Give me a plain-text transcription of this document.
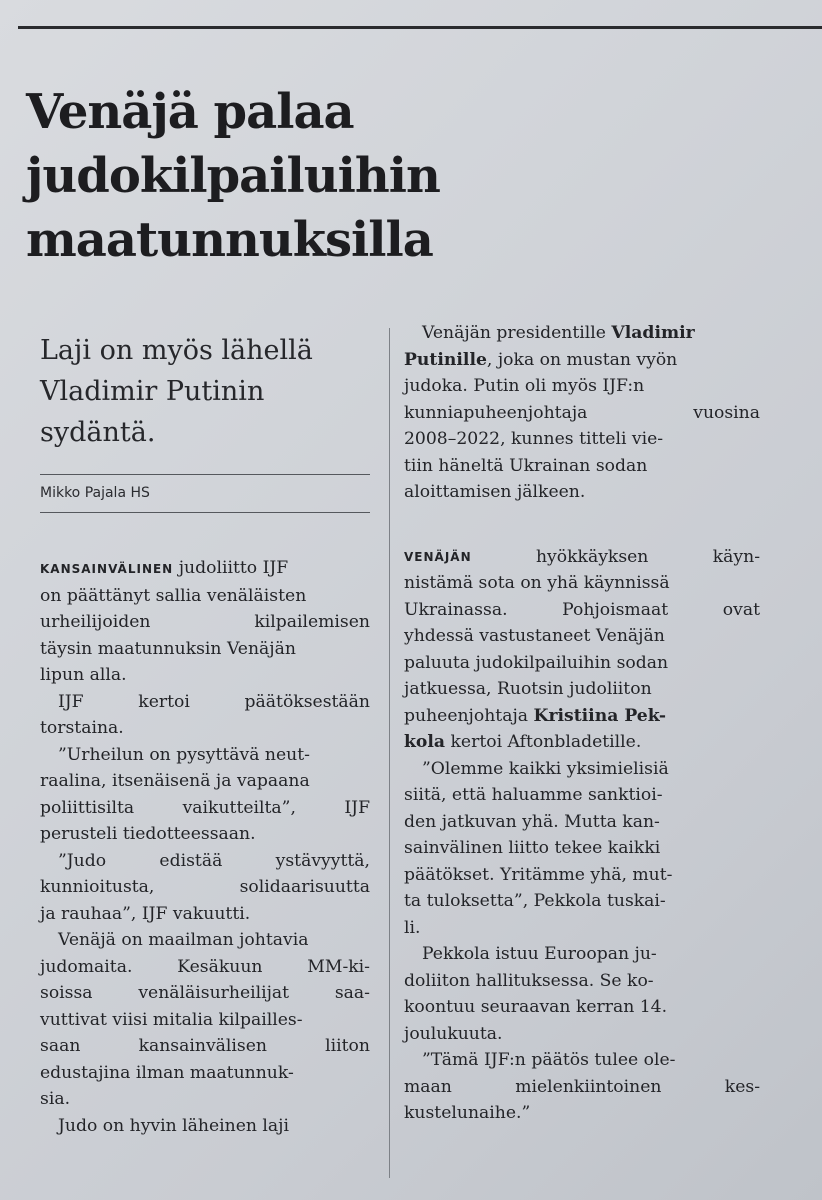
Venäjä palaa
judokilpailuihin
maatunnuksilla
Laji on myös lähellä
Vladimir Putinin
sydäntä.
Mikko Pajala HS

KANSAINVÄLINEN judoliitto IJF
on päättänyt sallia venäläisten
urheilijoiden	kilpailemisen
täysin maatunnuksin Venäjän
lipun alla.

IJF	kertoi	päätöksestään
torstaina.

”Urheilun on pysyttävä neut-
raalina, itsenäisenä ja vapaana
poliittisilta	vaikutteilta”,	IJF
perusteli tiedotteessaan.

”Judo	edistää	ystävyyttä,
kunnioitusta,	solidaarisuutta
ja rauhaa”, IJF vakuutti.

Venäjä on maailman johtavia
judomaita.	Kesäkuun	MM-ki-
soissa	venäläisurheilijat	saa-
vuttivat viisi mitalia kilpailles-
saan	kansainvälisen	liiton
edustajina ilman maatunnuk-
sia.

Judo on hyvin läheinen laji

Venäjän presidentille Vladimir
Putinille, joka on mustan vyön
judoka. Putin oli myös IJF:n
kunniapuheenjohtaja	vuosina
2008–2022, kunnes titteli vie-
tiin häneltä Ukrainan sodan
aloittamisen jälkeen.

VENÄJÄN	hyökkäyksen	käyn-
nistämä sota on yhä käynnissä
Ukrainassa.	Pohjoismaat	ovat
yhdessä vastustaneet Venäjän
paluuta judokilpailuihin sodan
jatkuessa, Ruotsin judoliiton
puheenjohtaja Kristiina Pek-
kola kertoi Aftonbladetille.

”Olemme kaikki yksimielisiä
siitä, että haluamme sanktioi-
den jatkuvan yhä. Mutta kan-
sainvälinen liitto tekee kaikki
päätökset. Yritämme yhä, mut-
ta tuloksetta”, Pekkola tuskai-
li.

Pekkola istuu Euroopan ju-
doliiton hallituksessa. Se ko-
koontuu seuraavan kerran 14.
joulukuuta.

”Tämä IJF:n päätös tulee ole-
maan	mielenkiintoinen	kes-
kustelunaihe.”
